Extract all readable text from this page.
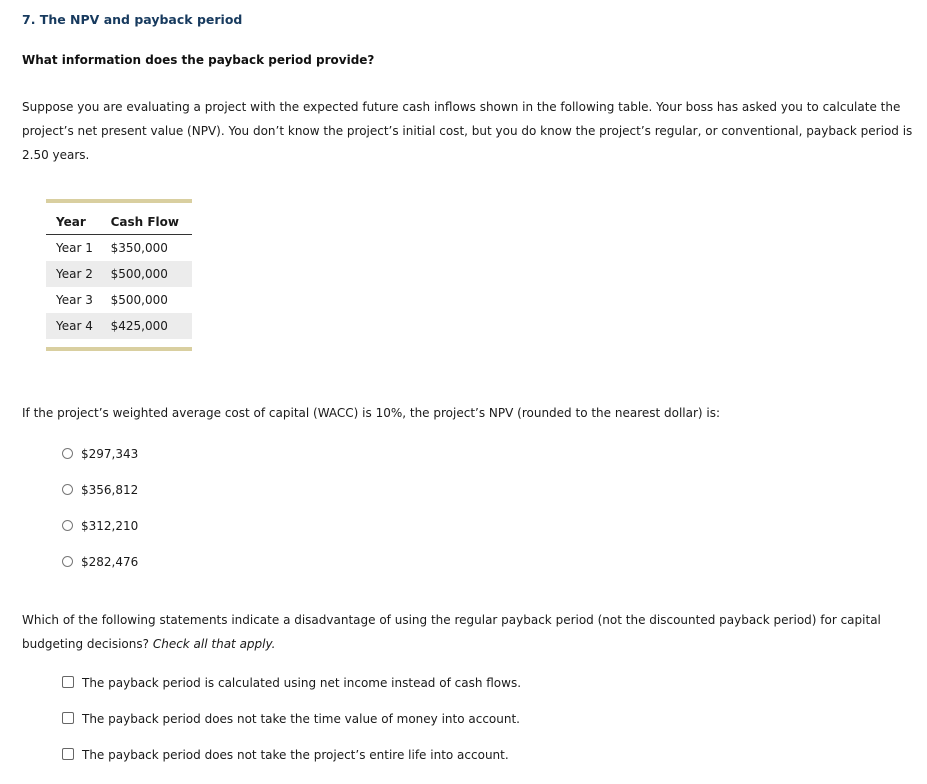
7. The NPV and payback period
What information does the payback period provide?
Suppose you are evaluating a project with the expected future cash inflows shown in the following table. Your boss has asked you to calculate the
project’s net present value (NPV). You don’t know the project’s initial cost, but you do know the project’s regular, or conventional, payback period is
2.50 years.
Year	Cash Flow
Year 1	$350,000
Year 2	$500,000
Year 3	$500,000
Year 4	$425,000
If the project’s weighted average cost of capital (WACC) is 10%, the project’s NPV (rounded to the nearest dollar) is:
$297,343
$356,812
$312,210
$282,476
Which of the following statements indicate a disadvantage of using the regular payback period (not the discounted payback period) for capital
budgeting decisions? Check all that apply.
The payback period is calculated using net income instead of cash flows.
The payback period does not take the time value of money into account.
The payback period does not take the project’s entire life into account.
